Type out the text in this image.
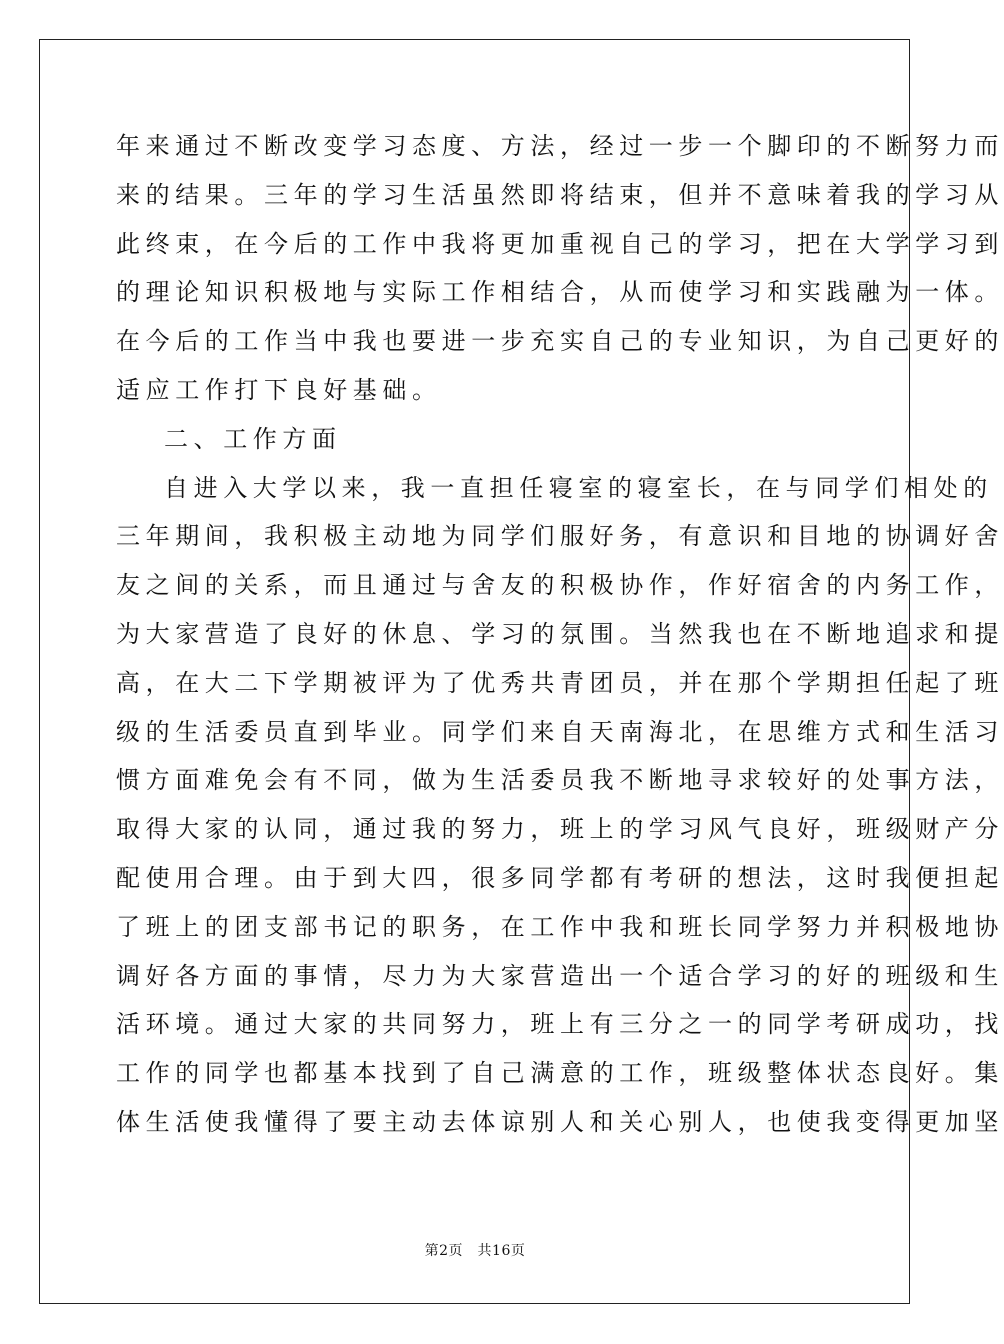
年来通过不断改变学习态度、方法，经过一步一个脚印的不断努力而
来的结果。三年的学习生活虽然即将结束，但并不意味着我的学习从
此终束，在今后的工作中我将更加重视自己的学习，把在大学学习到
的理论知识积极地与实际工作相结合，从而使学习和实践融为一体。
在今后的工作当中我也要进一步充实自己的专业知识，为自己更好的
适应工作打下良好基础。
二、工作方面
自进入大学以来，我一直担任寝室的寝室长，在与同学们相处的
三年期间，我积极主动地为同学们服好务，有意识和目地的协调好舍
友之间的关系，而且通过与舍友的积极协作，作好宿舍的内务工作，
为大家营造了良好的休息、学习的氛围。当然我也在不断地追求和提
高，在大二下学期被评为了优秀共青团员，并在那个学期担任起了班
级的生活委员直到毕业。同学们来自天南海北，在思维方式和生活习
惯方面难免会有不同，做为生活委员我不断地寻求较好的处事方法，
取得大家的认同，通过我的努力，班上的学习风气良好，班级财产分
配使用合理。由于到大四，很多同学都有考研的想法，这时我便担起
了班上的团支部书记的职务，在工作中我和班长同学努力并积极地协
调好各方面的事情，尽力为大家营造出一个适合学习的好的班级和生
活环境。通过大家的共同努力，班上有三分之一的同学考研成功，找
工作的同学也都基本找到了自己满意的工作，班级整体状态良好。集
体生活使我懂得了要主动去体谅别人和关心别人，也使我变得更加坚
第2页　共16页
